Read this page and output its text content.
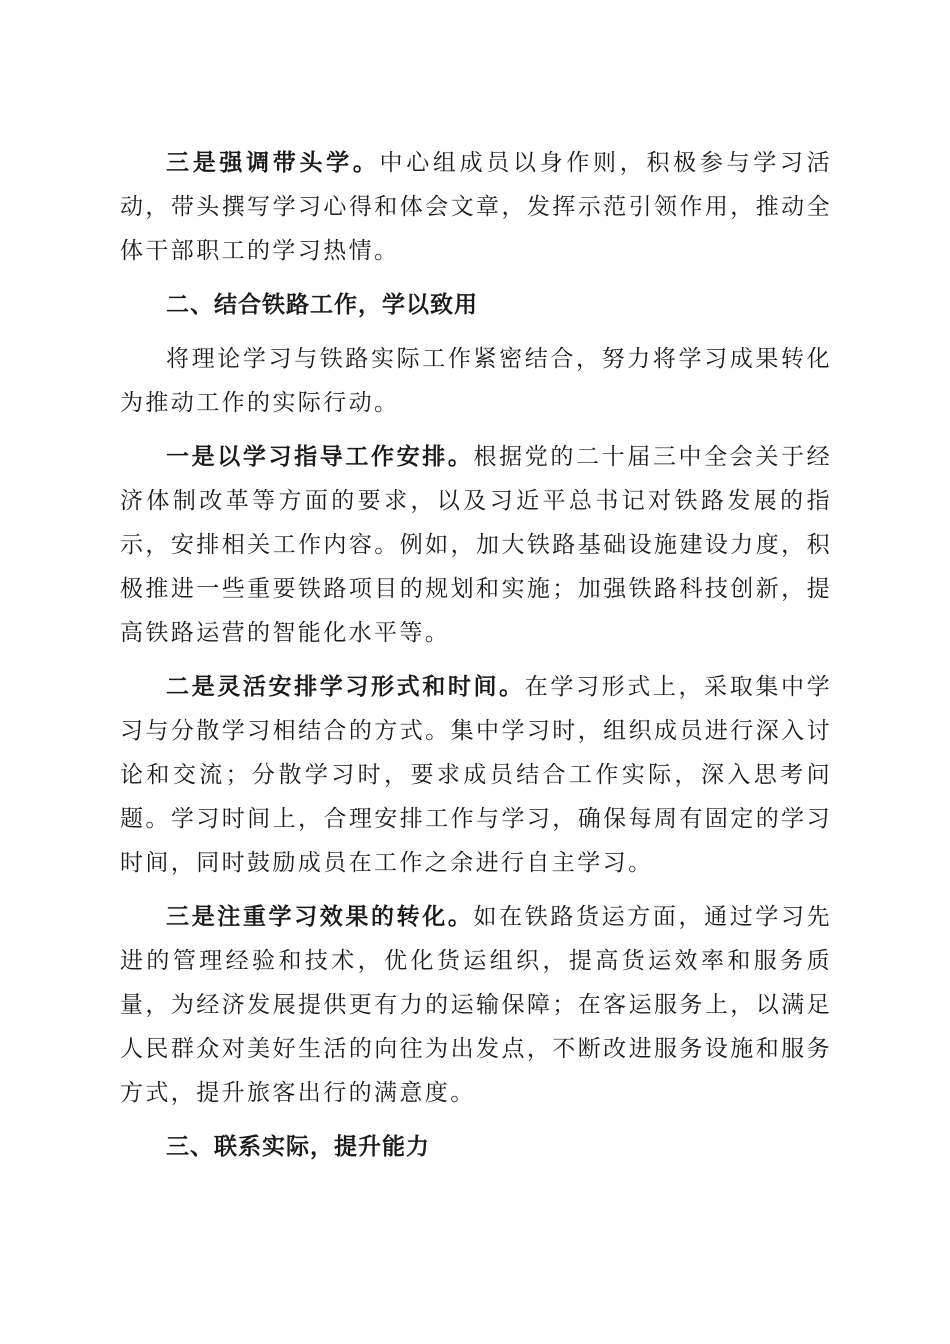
三是强调带头学。中心组成员以身作则，积极参与学习活动，带头撰写学习心得和体会文章，发挥示范引领作用，推动全体干部职工的学习热情。

二、结合铁路工作，学以致用

将理论学习与铁路实际工作紧密结合，努力将学习成果转化为推动工作的实际行动。

一是以学习指导工作安排。根据党的二十届三中全会关于经济体制改革等方面的要求，以及习近平总书记对铁路发展的指示，安排相关工作内容。例如，加大铁路基础设施建设力度，积极推进一些重要铁路项目的规划和实施；加强铁路科技创新，提高铁路运营的智能化水平等。

二是灵活安排学习形式和时间。在学习形式上，采取集中学习与分散学习相结合的方式。集中学习时，组织成员进行深入讨论和交流；分散学习时，要求成员结合工作实际，深入思考问题。学习时间上，合理安排工作与学习，确保每周有固定的学习时间，同时鼓励成员在工作之余进行自主学习。

三是注重学习效果的转化。如在铁路货运方面，通过学习先进的管理经验和技术，优化货运组织，提高货运效率和服务质量，为经济发展提供更有力的运输保障；在客运服务上，以满足人民群众对美好生活的向往为出发点，不断改进服务设施和服务方式，提升旅客出行的满意度。

三、联系实际，提升能力
